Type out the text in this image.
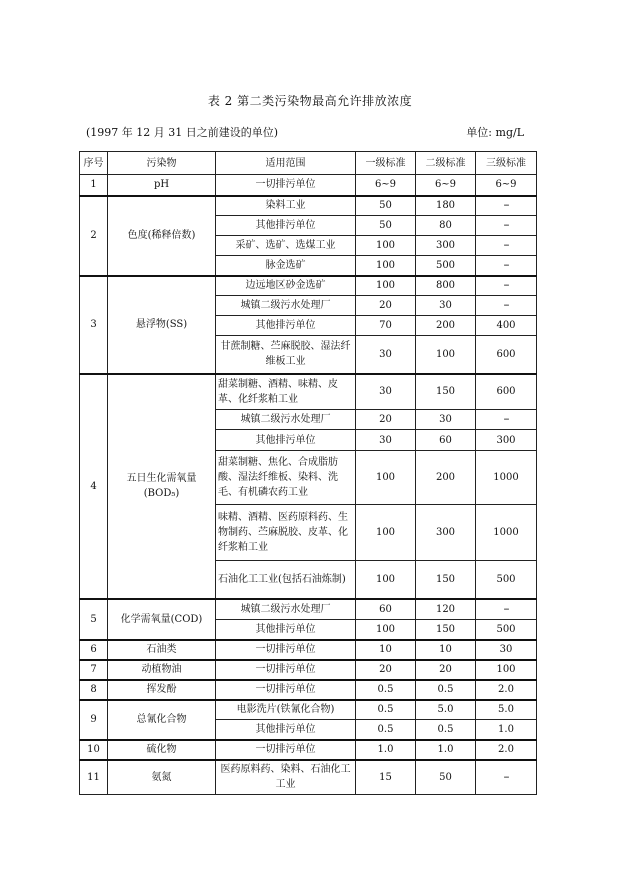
表 2 第二类污染物最高允许排放浓度
(1997 年 12 月 31 日之前建设的单位)	单位: mg/L
序号	污染物	适用范围	一级标准	二级标准	三级标准
1	pH	一切排污单位	6~9	6~9	6~9
2	色度(稀释倍数)	染料工业	50	180	--
		其他排污单位	50	80	--
		采矿、选矿、选煤工业	100	300	--
		脉金选矿	100	500	--
3	悬浮物(SS)	边远地区砂金选矿	100	800	--
		城镇二级污水处理厂	20	30	--
		其他排污单位	70	200	400
		甘蔗制糖、苎麻脱胶、湿法纤维板工业	30	100	600
4	五日生化需氧量(BOD₅)	甜菜制糖、酒精、味精、皮革、化纤浆粕工业	30	150	600
		城镇二级污水处理厂	20	30	--
		其他排污单位	30	60	300
		甜菜制糖、焦化、合成脂肪酸、湿法纤维板、染料、洗毛、有机磷农药工业	100	200	1000
		味精、酒精、医药原料药、生物制药、苎麻脱胶、皮革、化纤浆粕工业	100	300	1000
		石油化工工业(包括石油炼制)	100	150	500
5	化学需氧量(COD)	城镇二级污水处理厂	60	120	--
		其他排污单位	100	150	500
6	石油类	一切排污单位	10	10	30
7	动植物油	一切排污单位	20	20	100
8	挥发酚	一切排污单位	0.5	0.5	2.0
9	总氰化合物	电影洗片(铁氰化合物)	0.5	5.0	5.0
		其他排污单位	0.5	0.5	1.0
10	硫化物	一切排污单位	1.0	1.0	2.0
11	氨氮	医药原料药、染料、石油化工工业	15	50	--
